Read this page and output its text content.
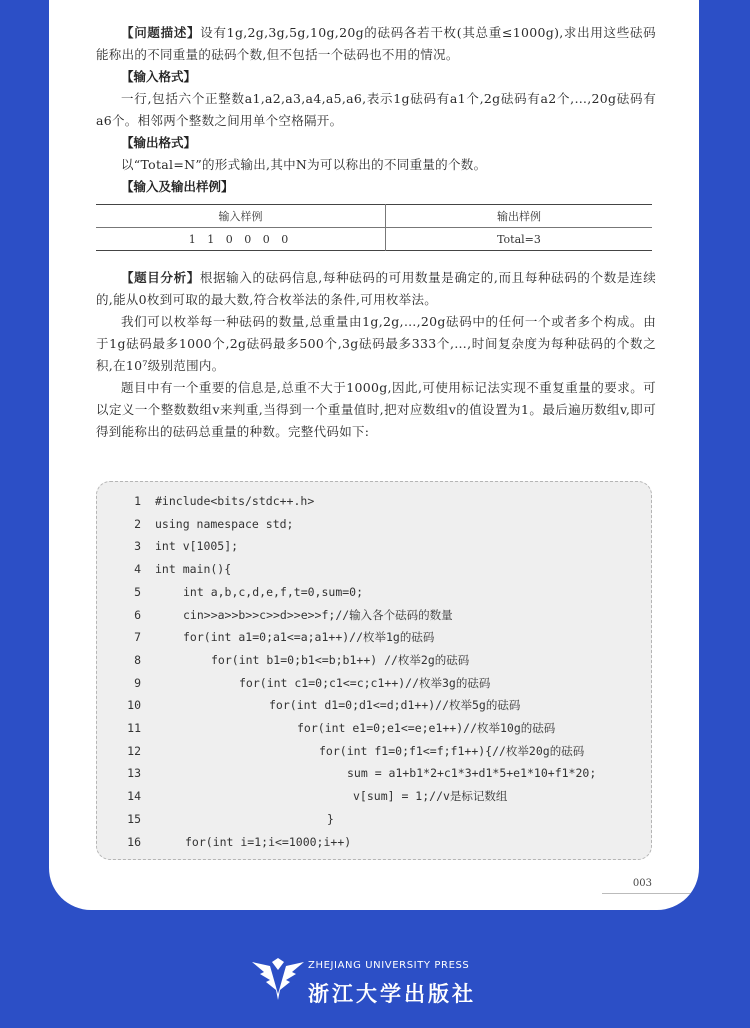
【问题描述】设有1g,2g,3g,5g,10g,20g的砝码各若干枚(其总重≤1000g),求出用这些砝码能称出的不同重量的砝码个数,但不包括一个砝码也不用的情况。

【输入格式】

一行,包括六个正整数a1,a2,a3,a4,a5,a6,表示1g砝码有a1个,2g砝码有a2个,…,20g砝码有a6个。相邻两个整数之间用单个空格隔开。

【输出格式】

以“Total=N”的形式输出,其中N为可以称出的不同重量的个数。

【输入及输出样例】

输入样例	输出样例
1 1 0 0 0 0	Total=3

【题目分析】根据输入的砝码信息,每种砝码的可用数量是确定的,而且每种砝码的个数是连续的,能从0枚到可取的最大数,符合枚举法的条件,可用枚举法。

我们可以枚举每一种砝码的数量,总重量由1g,2g,…,20g砝码中的任何一个或者多个构成。由于1g砝码最多1000个,2g砝码最多500个,3g砝码最多333个,…,时间复杂度为每种砝码的个数之积,在10⁷级别范围内。

题目中有一个重要的信息是,总重不大于1000g,因此,可使用标记法实现不重复重量的要求。可以定义一个整数数组v来判重,当得到一个重量值时,把对应数组v的值设置为1。最后遍历数组v,即可得到能称出的砝码总重量的种数。完整代码如下:

1 #include<bits/stdc++.h>
2 using namespace std;
3 int v[1005];
4 int main(){
5	int a,b,c,d,e,f,t=0,sum=0;
6	cin>>a>>b>>c>>d>>e>>f;//输入各个砝码的数量
7	for(int a1=0;a1<=a;a1++)//枚举1g的砝码
8	for(int b1=0;b1<=b;b1++) //枚举2g的砝码
9	for(int c1=0;c1<=c;c1++)//枚举3g的砝码
10	for(int d1=0;d1<=d;d1++)//枚举5g的砝码
11	for(int e1=0;e1<=e;e1++)//枚举10g的砝码
12	for(int f1=0;f1<=f;f1++){//枚举20g的砝码
13	sum = a1+b1*2+c1*3+d1*5+e1*10+f1*20;
14	v[sum] = 1;//v是标记数组
15	}
16	for(int i=1;i<=1000;i++)
003
ZHEJIANG UNIVERSITY PRESS
浙江大学出版社
